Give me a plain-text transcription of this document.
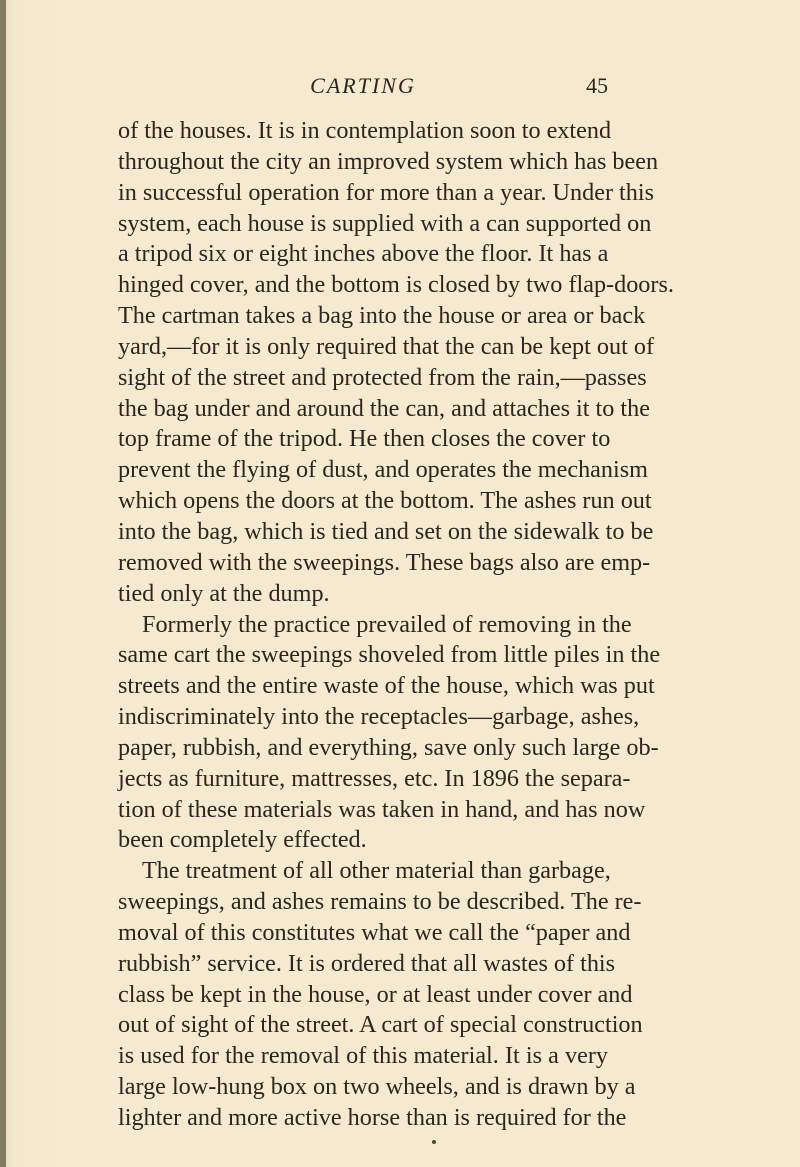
CARTING	45
of the houses. It is in contemplation soon to extend
throughout the city an improved system which has been
in successful operation for more than a year. Under this
system, each house is supplied with a can supported on
a tripod six or eight inches above the floor. It has a
hinged cover, and the bottom is closed by two flap-doors.
The cartman takes a bag into the house or area or back
yard,—for it is only required that the can be kept out of
sight of the street and protected from the rain,—passes
the bag under and around the can, and attaches it to the
top frame of the tripod. He then closes the cover to
prevent the flying of dust, and operates the mechanism
which opens the doors at the bottom. The ashes run out
into the bag, which is tied and set on the sidewalk to be
removed with the sweepings. These bags also are emp-
tied only at the dump.
Formerly the practice prevailed of removing in the
same cart the sweepings shoveled from little piles in the
streets and the entire waste of the house, which was put
indiscriminately into the receptacles—garbage, ashes,
paper, rubbish, and everything, save only such large ob-
jects as furniture, mattresses, etc. In 1896 the separa-
tion of these materials was taken in hand, and has now
been completely effected.
The treatment of all other material than garbage,
sweepings, and ashes remains to be described. The re-
moval of this constitutes what we call the “paper and
rubbish” service. It is ordered that all wastes of this
class be kept in the house, or at least under cover and
out of sight of the street. A cart of special construction
is used for the removal of this material. It is a very
large low-hung box on two wheels, and is drawn by a
lighter and more active horse than is required for the
